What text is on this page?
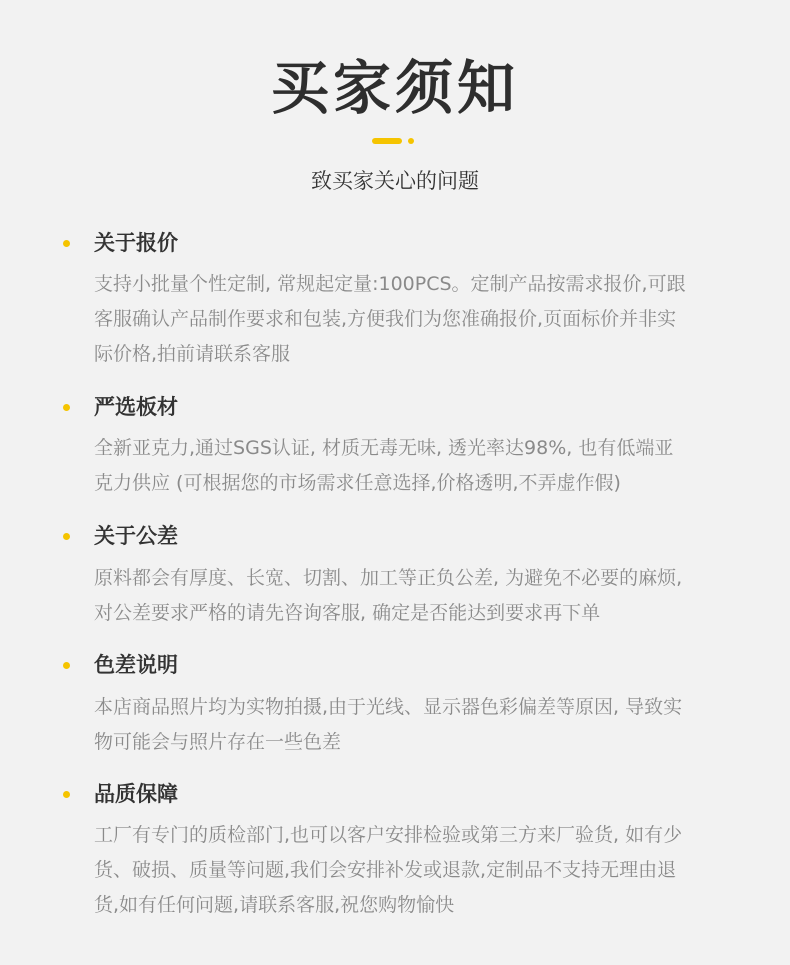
买家须知
致买家关心的问题
关于报价
支持小批量个性定制, 常规起定量:100PCS。定制产品按需求报价,可跟
客服确认产品制作要求和包装,方便我们为您准确报价,页面标价并非实
际价格,拍前请联系客服
严选板材
全新亚克力,通过SGS认证, 材质无毒无味, 透光率达98%, 也有低端亚
克力供应 (可根据您的市场需求任意选择,价格透明,不弄虚作假)
关于公差
原料都会有厚度、长宽、切割、加工等正负公差, 为避免不必要的麻烦,
对公差要求严格的请先咨询客服, 确定是否能达到要求再下单
色差说明
本店商品照片均为实物拍摄,由于光线、显示器色彩偏差等原因, 导致实
物可能会与照片存在一些色差
品质保障
工厂有专门的质检部门,也可以客户安排检验或第三方来厂验货, 如有少
货、破损、质量等问题,我们会安排补发或退款,定制品不支持无理由退
货,如有任何问题,请联系客服,祝您购物愉快
